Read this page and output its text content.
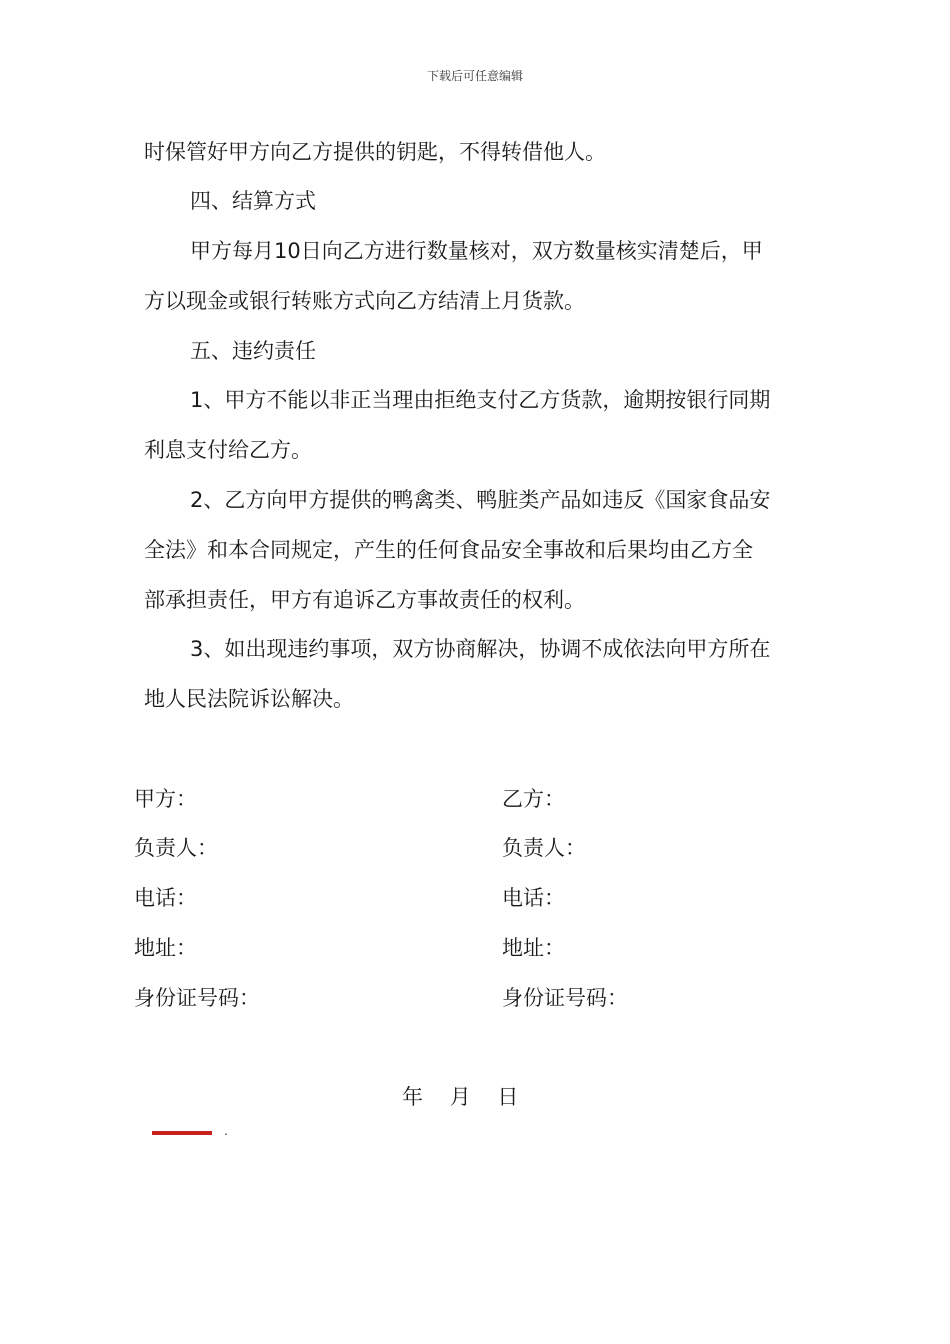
下载后可任意编辑
时保管好甲方向乙方提供的钥匙，不得转借他人。
四、结算方式
甲方每月10日向乙方进行数量核对，双方数量核实清楚后，甲
方以现金或银行转账方式向乙方结清上月货款。
五、违约责任
1、甲方不能以非正当理由拒绝支付乙方货款，逾期按银行同期
利息支付给乙方。
2、乙方向甲方提供的鸭禽类、鸭脏类产品如违反《国家食品安
全法》和本合同规定，产生的任何食品安全事故和后果均由乙方全
部承担责任，甲方有追诉乙方事故责任的权利。
3、如出现违约事项，双方协商解决，协调不成依法向甲方所在
地人民法院诉讼解决。
甲方：
负责人：
电话：
地址：
身份证号码：
乙方：
负责人：
电话：
地址：
身份证号码：
年    月    日
.
